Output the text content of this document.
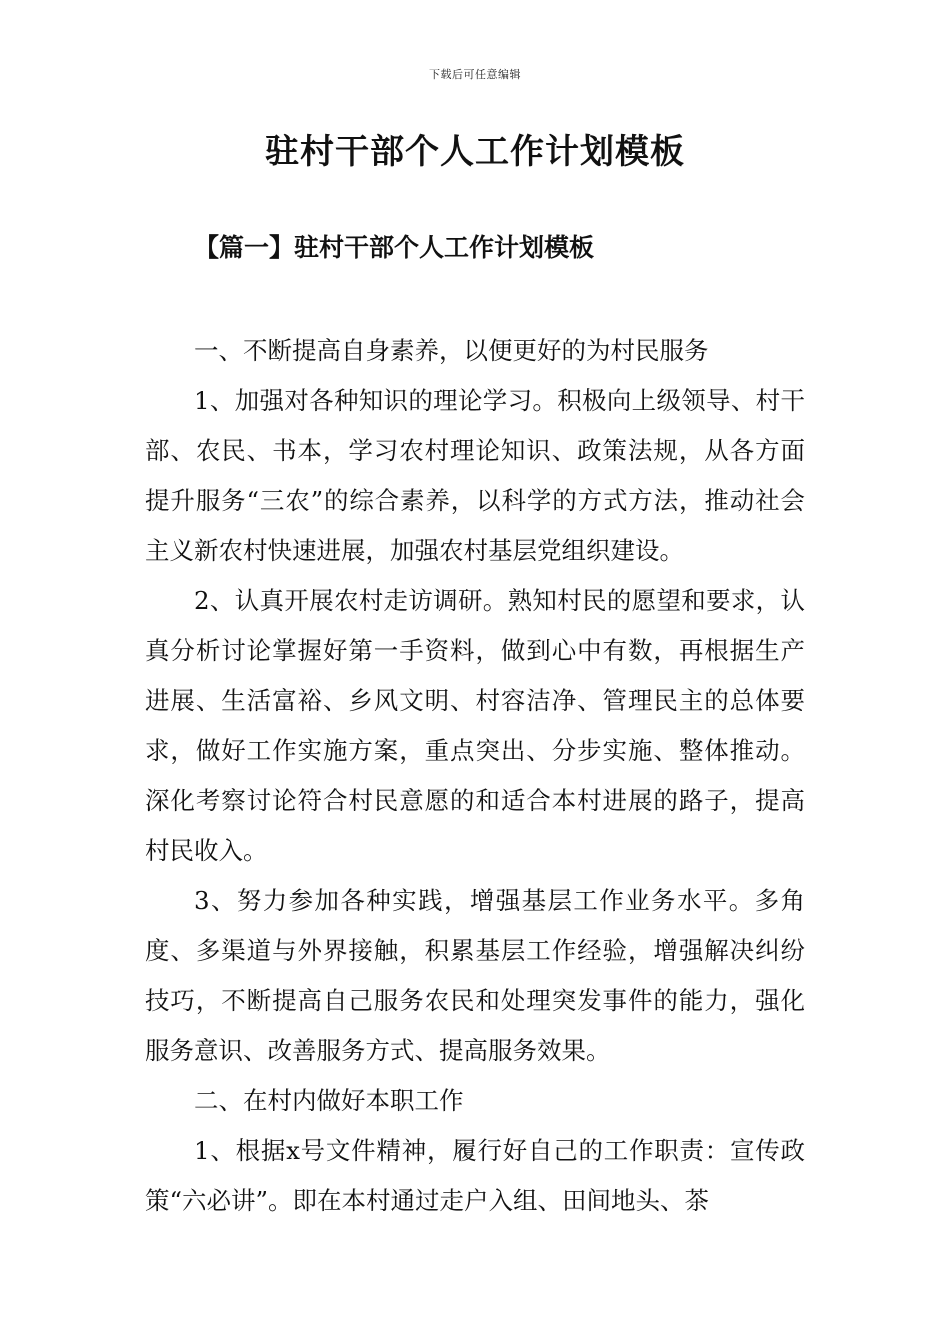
下载后可任意编辑
驻村干部个人工作计划模板
【篇一】驻村干部个人工作计划模板

一、不断提高自身素养，以便更好的为村民服务

1、加强对各种知识的理论学习。积极向上级领导、村干部、农民、书本，学习农村理论知识、政策法规，从各方面提升服务“三农”的综合素养，以科学的方式方法，推动社会主义新农村快速进展，加强农村基层党组织建设。

2、认真开展农村走访调研。熟知村民的愿望和要求，认真分析讨论掌握好第一手资料，做到心中有数，再根据生产进展、生活富裕、乡风文明、村容洁净、管理民主的总体要求，做好工作实施方案，重点突出、分步实施、整体推动。深化考察讨论符合村民意愿的和适合本村进展的路子，提高村民收入。

3、努力参加各种实践，增强基层工作业务水平。多角度、多渠道与外界接触，积累基层工作经验，增强解决纠纷技巧，不断提高自己服务农民和处理突发事件的能力，强化服务意识、改善服务方式、提高服务效果。

二、在村内做好本职工作

1、根据x号文件精神，履行好自己的工作职责：宣传政策“六必讲”。即在本村通过走户入组、田间地头、茶
